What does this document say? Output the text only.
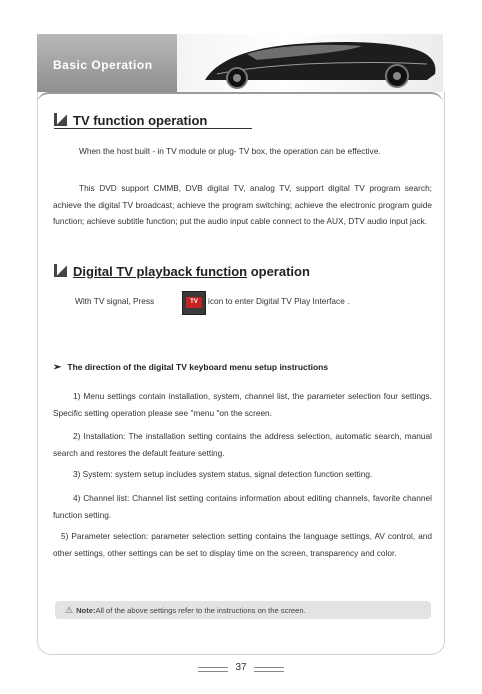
Basic Operation
TV function operation
When the host built - in TV module or plug- TV box, the operation can be effective.
This DVD support CMMB, DVB digital TV, analog TV, support digital TV program search; achieve the digital TV broadcast; achieve the program switching; achieve the electronic program guide function; achieve subtitle function; put the audio input cable connect to the AUX, DTV audio input jack.
Digital TV playback function operation
With TV signal, Press	TV	icon to enter Digital TV Play Interface .
➢ The direction of the digital TV keyboard menu setup instructions
1) Menu settings contain installation, system, channel list, the parameter selection four settings. Specific setting operation please see "menu "on the screen.
2) Installation: The installation setting contains the address selection, automatic search, manual search and restores the default feature setting.
3) System: system setup includes system status, signal detection function setting.
4) Channel list: Channel list setting contains information about editing channels, favorite channel function setting.
5) Parameter selection: parameter selection setting contains the language settings, AV control, and other settings, other settings can be set to display time on the screen, transparency and color.
⚠ Note:All of the above settings refer to the instructions on the screen.
37
